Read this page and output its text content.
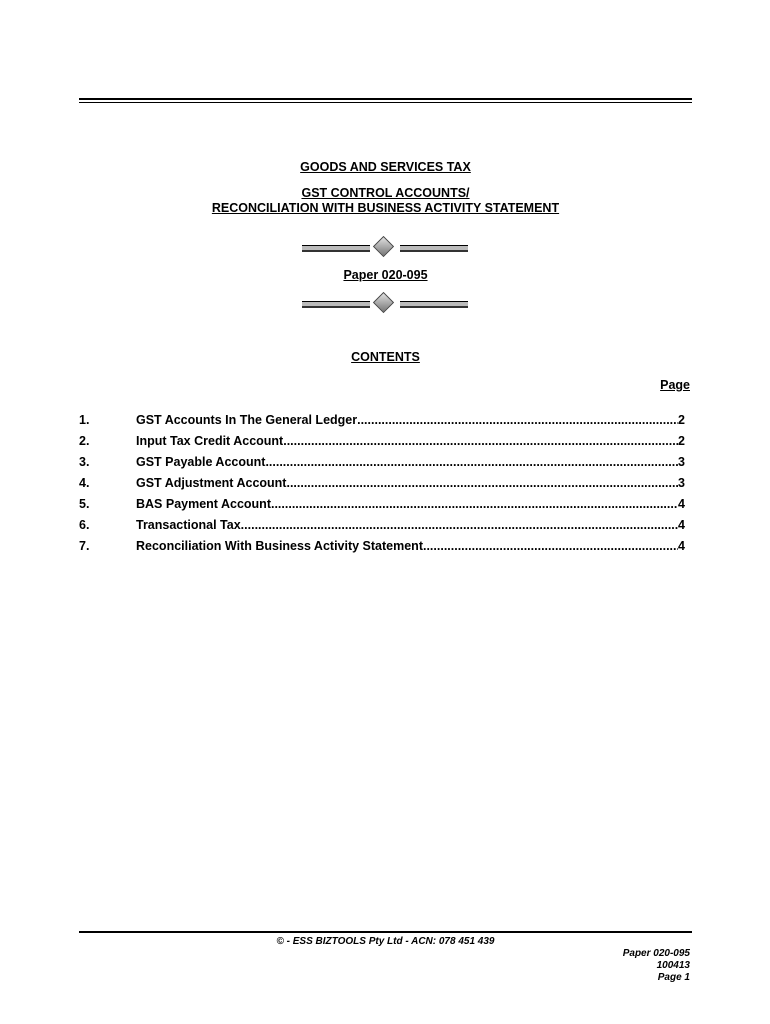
GOODS AND SERVICES TAX
GST CONTROL ACCOUNTS/
RECONCILIATION WITH BUSINESS ACTIVITY STATEMENT
Paper 020-095
CONTENTS
Page
1.	GST Accounts In The General Ledger .....	2
2.	Input Tax Credit Account .....	2
3.	GST Payable Account .....	3
4.	GST Adjustment Account .....	3
5.	BAS Payment Account .....	4
6.	Transactional Tax .....	4
7.	Reconciliation With Business Activity Statement .....	4
© - ESS BIZTOOLS Pty Ltd - ACN: 078 451 439
Paper 020-095
100413
Page 1
